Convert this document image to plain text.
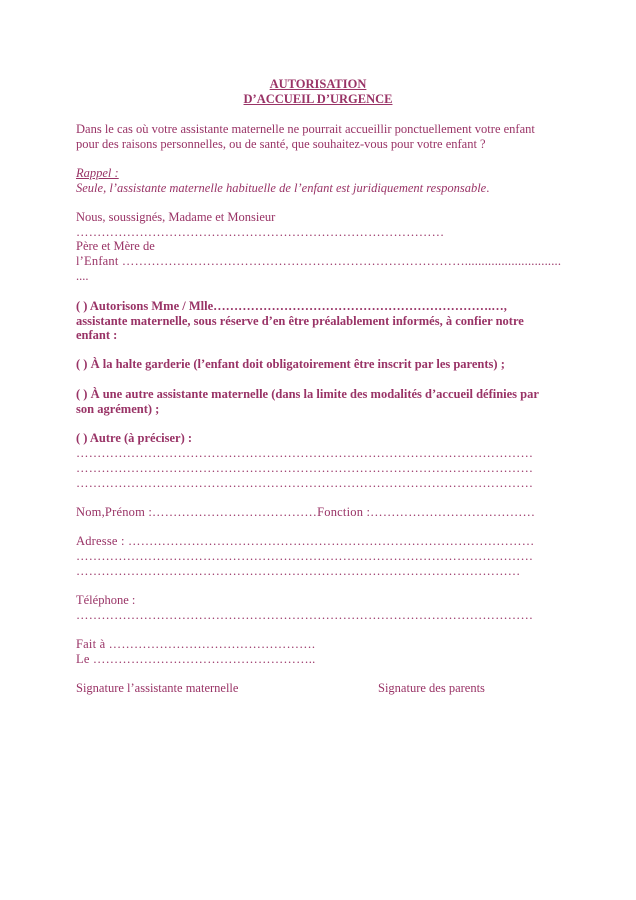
AUTORISATION
D’ACCUEIL D’URGENCE
Dans le cas où votre assistante maternelle ne pourrait accueillir ponctuellement votre enfant
pour des raisons personnelles, ou de santé, que souhaitez-vous pour votre enfant ?
Rappel :
Seule, l’assistante maternelle habituelle de l’enfant est juridiquement responsable.
Nous, soussignés, Madame et Monsieur
……………………………………………………………………………
Père et Mère de
l’Enfant ……………………………………………………………………….............................
....
( ) Autorisons Mme / Mlle………………………………………………………….…,
assistante maternelle, sous réserve d’en être préalablement informés, à confier notre
enfant :
( ) À la halte garderie (l’enfant doit obligatoirement être inscrit par les parents) ;
( ) À une autre assistante maternelle (dans la limite des modalités d’accueil définies par
son agrément) ;
( ) Autre (à préciser) :
………………………………………………………………………………………………
………………………………………………………………………………………………
………………………………………………………………………………………………
Nom,Prénom :…………………………………Fonction :…………………………………
Adresse : ……………………………………………………………………………………
………………………………………………………………………………………………
……………………………………………………………………………………………
Téléphone :
………………………………………………………………………………………………
Fait à ………………………………………….
Le ……………………………………………..
Signature l’assistante maternelle	Signature des parents
